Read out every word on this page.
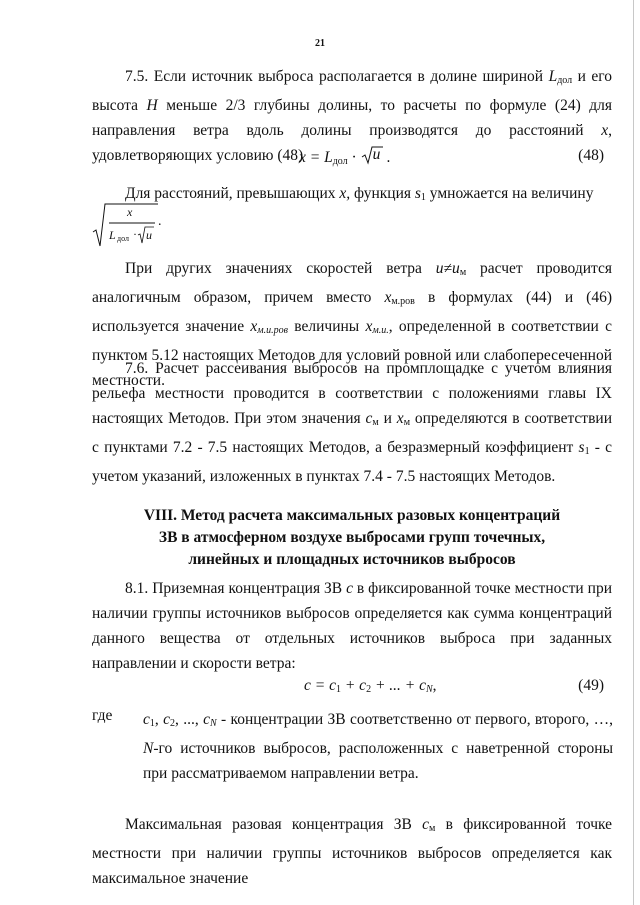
21

7.5. Если источник выброса располагается в долине шириной $L_{дол}$ и его высота H меньше 2/3 глубины долины, то расчеты по формуле (24) для направления ветра вдоль долины производятся до расстояний x, удовлетворяющих условию (48)

$x = L_{дол} \cdot u$ .	(48)

Для расстояний, превышающих x, функция $s_1$ умножается на величину

x
L дол · u
.

При других значениях скоростей ветра $u\ne u_м$ расчет проводится аналогичным образом, причем вместо $x_{м.ров}$ в формулах (44) и (46) используется значение xм.u.ров величины xм.u., определенной в соответствии с пунктом 5.12 настоящих Методов для условий ровной или слабопересеченной местности.

7.6. Расчет рассеивания выбросов на промплощадке с учетом влияния рельефа местности проводится в соответствии с положениями главы IX настоящих Методов. При этом значения $c_м$ и $x_м$ определяются в соответствии с пунктами 7.2 - 7.5 настоящих Методов, а безразмерный коэффициент $s_1$ - с учетом указаний, изложенных в пунктах 7.4 - 7.5 настоящих Методов.

VIII. Метод расчета максимальных разовых концентраций
ЗВ в атмосферном воздухе выбросами групп точечных,
линейных и площадных источников выбросов

8.1. Приземная концентрация ЗВ c в фиксированной точке местности при наличии группы источников выбросов определяется как сумма концентраций данного вещества от отдельных источников выброса при заданных направлении и скорости ветра:

$c = c_1 + c_2$ + ... + cN,	(49)
где $c_1$, $c_2$, ..., cN - концентрации ЗВ соответственно от первого, второго, …, N-го источников выбросов, расположенных с наветренной стороны при рассматриваемом направлении ветра.

Максимальная разовая концентрация ЗВ $c_м$ в фиксированной точке местности при наличии группы источников выбросов определяется как максимальное значение
